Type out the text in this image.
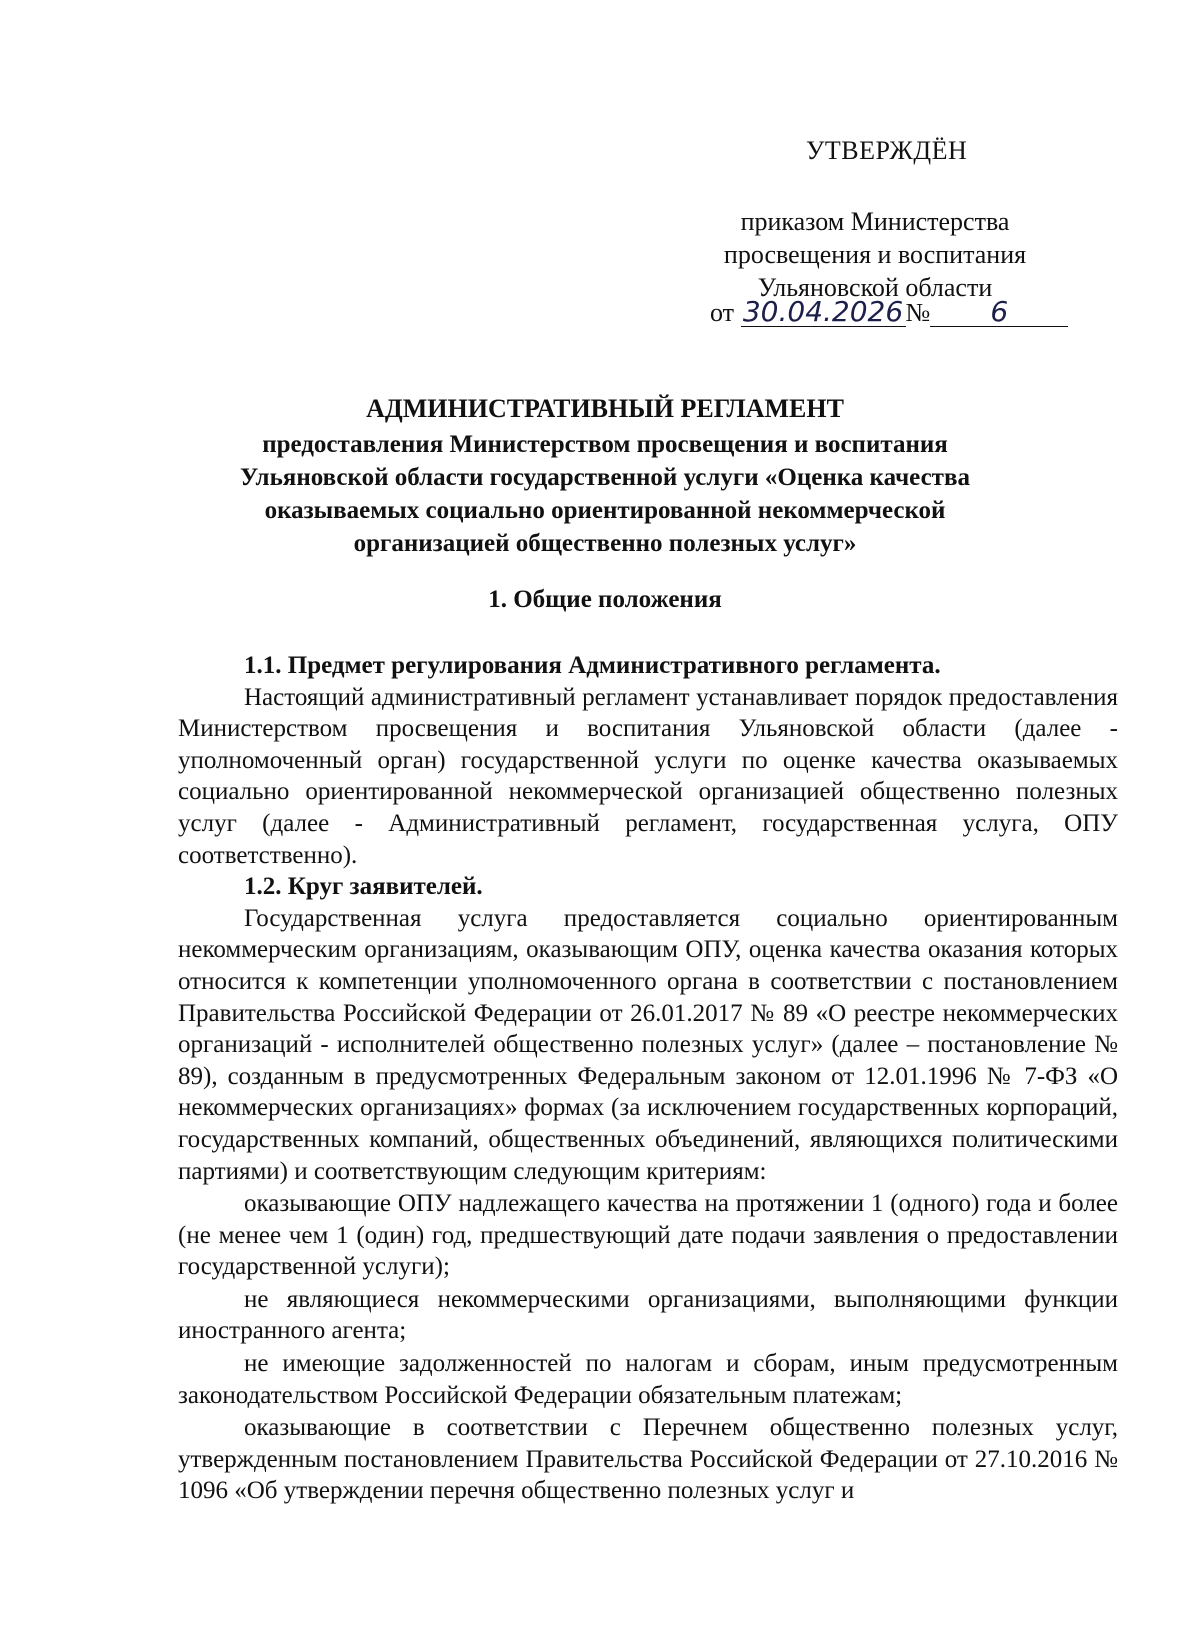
УТВЕРЖДЁН
приказом Министерства
просвещения и воспитания
Ульяновской области
от 30.04.2026№ 6
АДМИНИСТРАТИВНЫЙ РЕГЛАМЕНТ
предоставления Министерством просвещения и воспитания
Ульяновской области государственной услуги «Оценка качества
оказываемых социально ориентированной некоммерческой
организацией общественно полезных услуг»
1. Общие положения

1.1. Предмет регулирования Административного регламента.

Настоящий административный регламент устанавливает порядок предоставления Министерством просвещения и воспитания Ульяновской области (далее - уполномоченный орган) государственной услуги по оценке качества оказываемых социально ориентированной некоммерческой организацией общественно полезных услуг (далее - Административный регламент, государственная услуга, ОПУ соответственно).

1.2. Круг заявителей.

Государственная услуга предоставляется социально ориентированным некоммерческим организациям, оказывающим ОПУ, оценка качества оказания которых относится к компетенции уполномоченного органа в соответствии с постановлением Правительства Российской Федерации от 26.01.2017 № 89 «О реестре некоммерческих организаций - исполнителей общественно полезных услуг» (далее – постановление № 89), созданным в предусмотренных Федеральным законом от 12.01.1996 № 7-ФЗ «О некоммерческих организациях» формах (за исключением государственных корпораций, государственных компаний, общественных объединений, являющихся политическими партиями) и соответствующим следующим критериям:

оказывающие ОПУ надлежащего качества на протяжении 1 (одного) года и более (не менее чем 1 (один) год, предшествующий дате подачи заявления о предоставлении государственной услуги);

не являющиеся некоммерческими организациями, выполняющими функции иностранного агента;

не имеющие задолженностей по налогам и сборам, иным предусмотренным законодательством Российской Федерации обязательным платежам;

оказывающие в соответствии с Перечнем общественно полезных услуг, утвержденным постановлением Правительства Российской Федерации от 27.10.2016 № 1096 «Об утверждении перечня общественно полезных услуг и
